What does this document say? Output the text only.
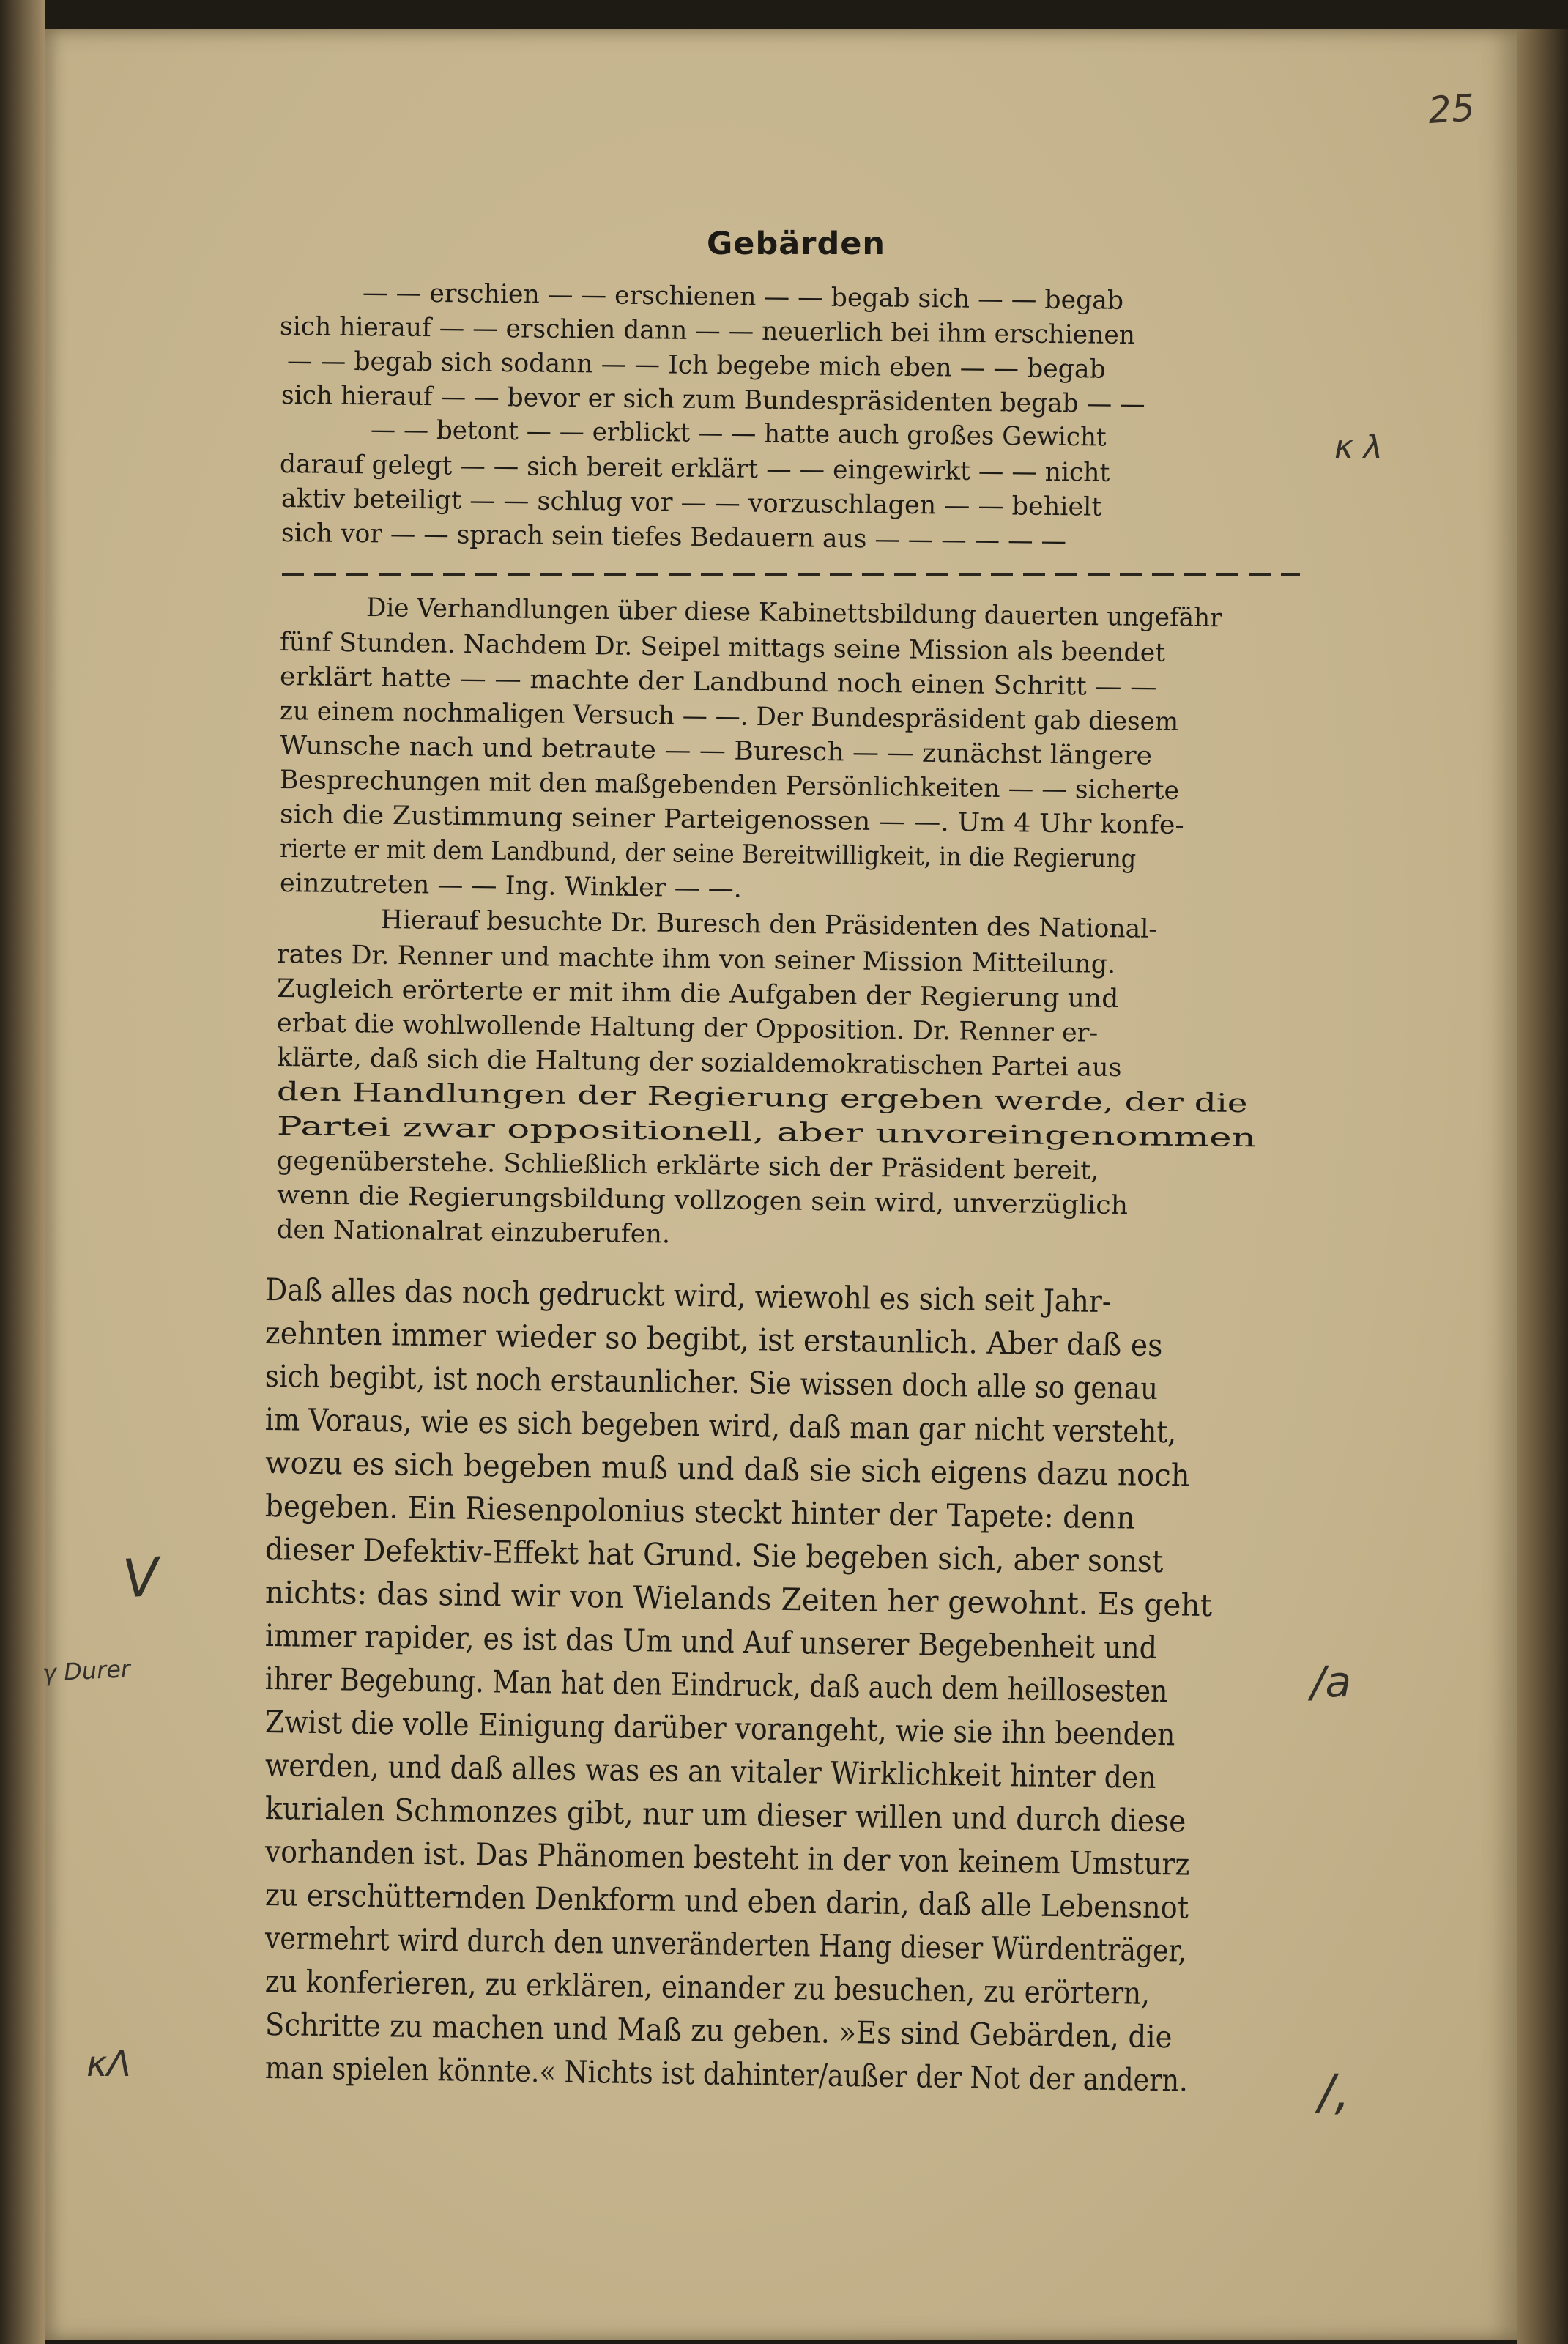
25
Gebärden
— — erschien — — erschienen — — begab sich — — begab
sich hierauf — — erschien dann — — neuerlich bei ihm erschienen
— — begab sich sodann — — Ich begebe mich eben — — begab
sich hierauf — — bevor er sich zum Bundespräsidenten begab — —
— — betont — — erblickt — — hatte auch großes Gewicht
darauf gelegt — — sich bereit erklärt — — eingewirkt — — nicht
aktiv beteiligt — — schlug vor — — vorzuschlagen — — behielt
sich vor — — sprach sein tiefes Bedauern aus — — — — — —
Die Verhandlungen über diese Kabinettsbildung dauerten ungefähr
fünf Stunden. Nachdem Dr. Seipel mittags seine Mission als beendet
erklärt hatte — — machte der Landbund noch einen Schritt — —
zu einem nochmaligen Versuch — —. Der Bundespräsident gab diesem
Wunsche nach und betraute — — Buresch — — zunächst längere
Besprechungen mit den maßgebenden Persönlichkeiten — — sicherte
sich die Zustimmung seiner Parteigenossen — —. Um 4 Uhr konfe-
rierte er mit dem Landbund, der seine Bereitwilligkeit, in die Regierung
einzutreten — — Ing. Winkler — —.
Hierauf besuchte Dr. Buresch den Präsidenten des National-
rates Dr. Renner und machte ihm von seiner Mission Mitteilung.
Zugleich erörterte er mit ihm die Aufgaben der Regierung und
erbat die wohlwollende Haltung der Opposition. Dr. Renner er-
klärte, daß sich die Haltung der sozialdemokratischen Partei aus
den Handlungen der Regierung ergeben werde, der die
Partei zwar oppositionell, aber unvoreingenommen
gegenüberstehe. Schließlich erklärte sich der Präsident bereit,
wenn die Regierungsbildung vollzogen sein wird, unverzüglich
den Nationalrat einzuberufen.
Daß alles das noch gedruckt wird, wiewohl es sich seit Jahr-
zehnten immer wieder so begibt, ist erstaunlich. Aber daß es
sich begibt, ist noch erstaunlicher. Sie wissen doch alle so genau
im Voraus, wie es sich begeben wird, daß man gar nicht versteht,
wozu es sich begeben muß und daß sie sich eigens dazu noch
begeben. Ein Riesenpolonius steckt hinter der Tapete: denn
dieser Defektiv-Effekt hat Grund. Sie begeben sich, aber sonst
nichts: das sind wir von Wielands Zeiten her gewohnt. Es geht
immer rapider, es ist das Um und Auf unserer Begebenheit und
ihrer Begebung. Man hat den Eindruck, daß auch dem heillosesten
Zwist die volle Einigung darüber vorangeht, wie sie ihn beenden
werden, und daß alles was es an vitaler Wirklichkeit hinter den
kurialen Schmonzes gibt, nur um dieser willen und durch diese
vorhanden ist. Das Phänomen besteht in der von keinem Umsturz
zu erschütternden Denkform und eben darin, daß alle Lebensnot
vermehrt wird durch den unveränderten Hang dieser Würdenträger,
zu konferieren, zu erklären, einander zu besuchen, zu erörtern,
Schritte zu machen und Maß zu geben. »Es sind Gebärden, die
man spielen könnte.« Nichts ist dahinter/außer der Not der andern.
κ λ
V
γ Durer	/a
κΛ	/,
